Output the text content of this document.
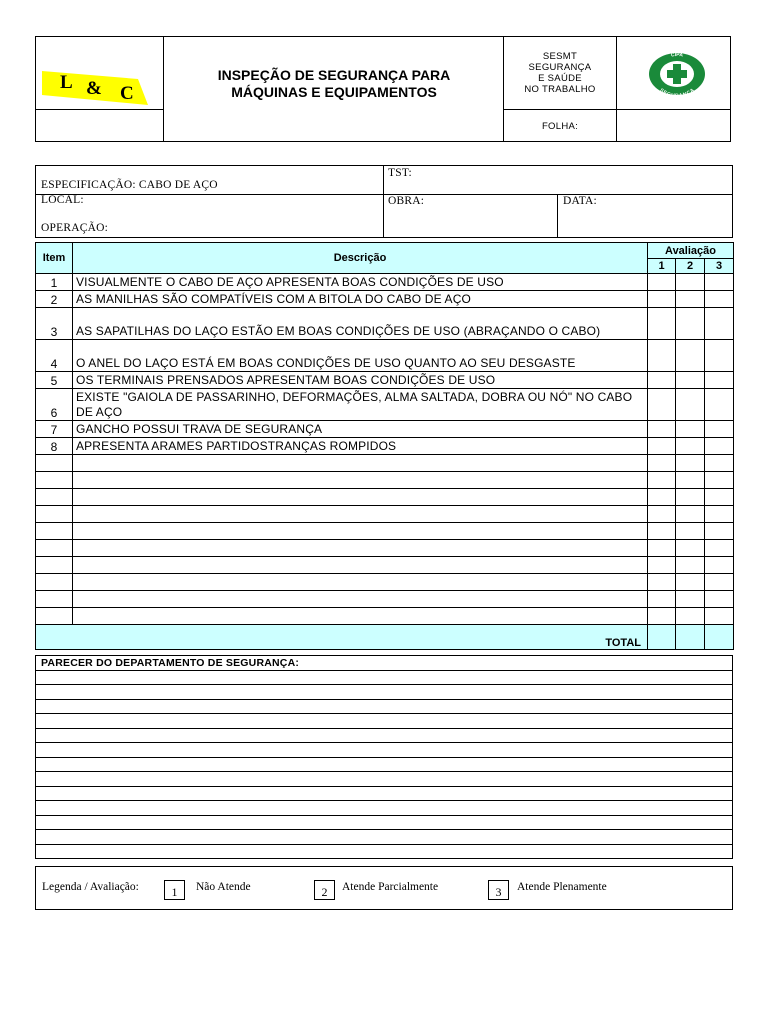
L & C
INSPEÇÃO DE SEGURANÇA PARA
MÁQUINAS E EQUIPAMENTOS
SESMT
SEGURANÇA
E SAÚDE
NO TRABALHO
FOLHA:
CIPA
SEGURANÇA
ESPECIFICAÇÃO: CABO DE AÇO
TST:
LOCAL:	OBRA:	DATA:
OPERAÇÃO:
Item	Descrição	Avaliação		
		1	2	3
1	VISUALMENTE O CABO DE AÇO APRESENTA BOAS CONDIÇÕES DE USO			
2	AS MANILHAS SÃO COMPATÍVEIS COM A BITOLA DO CABO DE AÇO			
3	AS SAPATILHAS DO LAÇO ESTÃO EM BOAS CONDIÇÕES DE USO (ABRAÇANDO O CABO)			
4	O ANEL DO LAÇO ESTÁ EM BOAS CONDIÇÕES DE USO QUANTO AO SEU DESGASTE			
5	OS TERMINAIS PRENSADOS APRESENTAM BOAS CONDIÇÕES DE USO			
6	EXISTE "GAIOLA DE PASSARINHO, DEFORMAÇÕES, ALMA SALTADA, DOBRA OU NÓ" NO CABO DE AÇO			
7	GANCHO POSSUI TRAVA DE SEGURANÇA			
8	APRESENTA ARAMES PARTIDOSTRANÇAS ROMPIDOS			

TOTAL				
PARECER DO DEPARTAMENTO DE SEGURANÇA:

Legenda / Avaliação:	1	Não Atende	2	Atende Parcialmente	3	Atende Plenamente
